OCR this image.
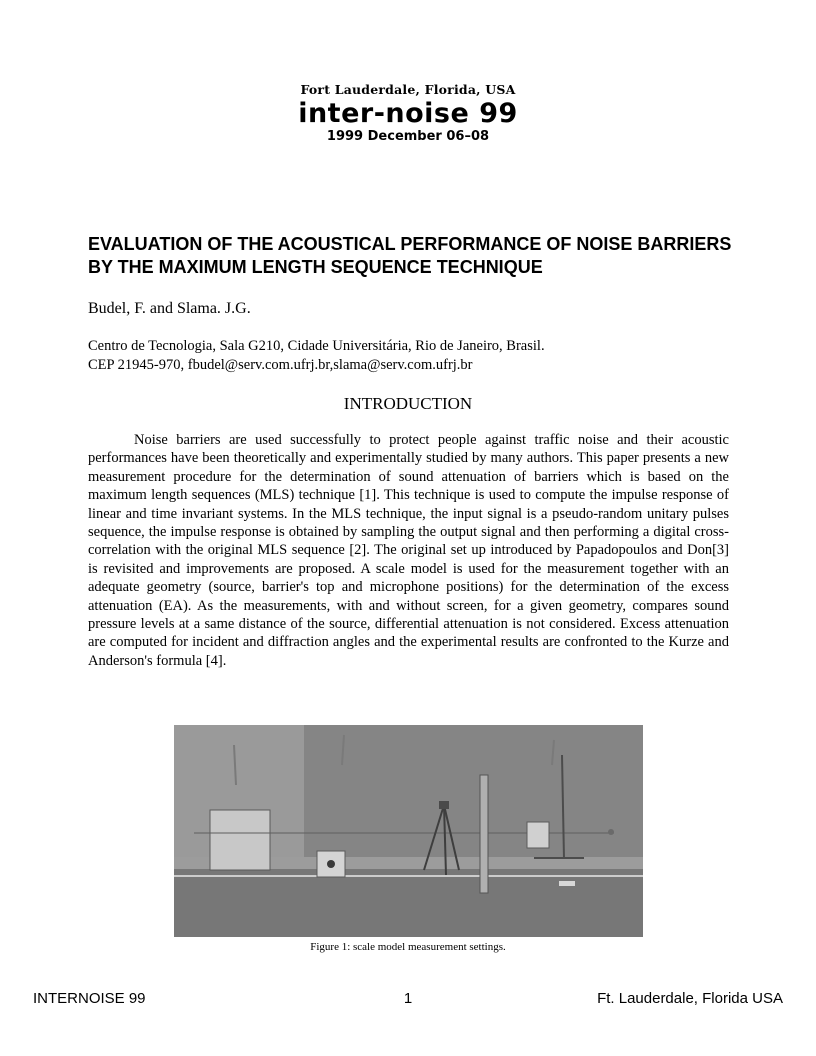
Fort Lauderdale, Florida, USA
inter-noise 99
1999 December 06–08
EVALUATION OF THE ACOUSTICAL PERFORMANCE OF NOISE BARRIERS BY THE MAXIMUM LENGTH SEQUENCE TECHNIQUE

Budel, F. and Slama. J.G.

Centro de Tecnologia, Sala G210, Cidade Universitária, Rio de Janeiro, Brasil.
CEP 21945-970, fbudel@serv.com.ufrj.br,slama@serv.com.ufrj.br
INTRODUCTION

Noise barriers are used successfully to protect people against traffic noise and their acoustic performances have been theoretically and experimentally studied by many authors. This paper presents a new measurement procedure for the determination of sound attenuation of barriers which is based on the maximum length sequences (MLS) technique [1]. This technique is used to compute the impulse response of linear and time invariant systems. In the MLS technique, the input signal is a pseudo-random unitary pulses sequence, the impulse response is obtained by sampling the output signal and then performing a digital cross-correlation with the original MLS sequence [2]. The original set up introduced by Papadopoulos and Don[3] is revisited and improvements are proposed. A scale model is used for the measurement together with an adequate geometry (source, barrier's top and microphone positions) for the determination of the excess attenuation (EA). As the measurements, with and without screen, for a given geometry, compares sound pressure levels at a same distance of the source, differential attenuation is not considered. Excess attenuation are computed for incident and diffraction angles and the experimental results are confronted to the Kurze and Anderson's formula [4].

Figure 1: scale model measurement settings.
INTERNOISE 99	1	Ft. Lauderdale, Florida USA
